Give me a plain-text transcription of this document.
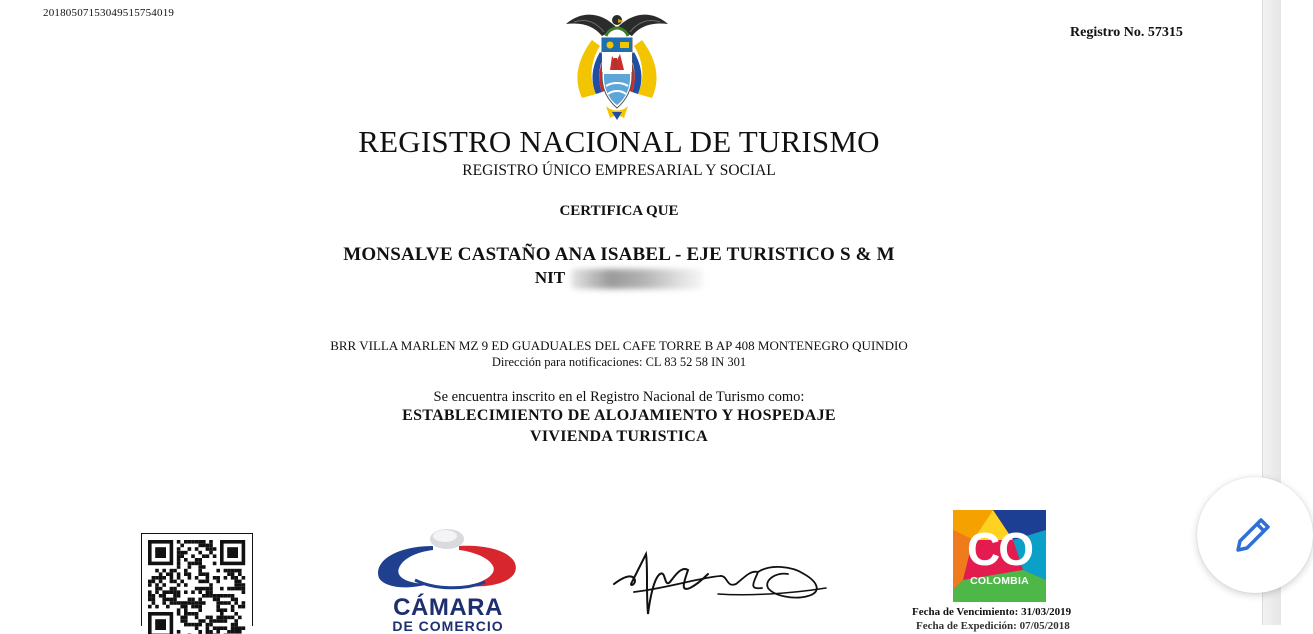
20180507153049515754019
Registro No. 57315
REGISTRO NACIONAL DE TURISMO
REGISTRO ÚNICO EMPRESARIAL Y SOCIAL
CERTIFICA QUE
MONSALVE CASTAÑO ANA ISABEL - EJE TURISTICO S & M
NIT
BRR VILLA MARLEN MZ 9 ED GUADUALES DEL CAFE TORRE B AP 408 MONTENEGRO QUINDIO
Dirección para notificaciones: CL 83 52 58 IN 301
Se encuentra inscrito en el Registro Nacional de Turismo como:
ESTABLECIMIENTO DE ALOJAMIENTO Y HOSPEDAJE
VIVIENDA TURISTICA
CÁMARA
DE COMERCIO
CO
COLOMBIA
Fecha de Vencimiento: 31/03/2019
Fecha de Expedición: 07/05/2018
